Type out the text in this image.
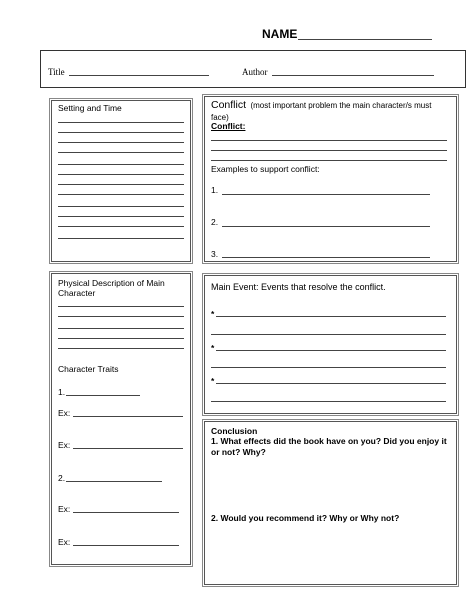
NAME
Title	Author
Setting and Time	Conflict (most important problem the main character/s must face)
Conflict:
Examples to support conflict:
1.
2.
3.
Physical Description of Main Character
Character Traits
1.
Ex:
Ex:
2.
Ex:
Ex:
Main Event: Events that resolve the conflict.
*
*
*
Conclusion
1. What effects did the book have on you? Did you enjoy it or not? Why?
2. Would you recommend it? Why or Why not?
